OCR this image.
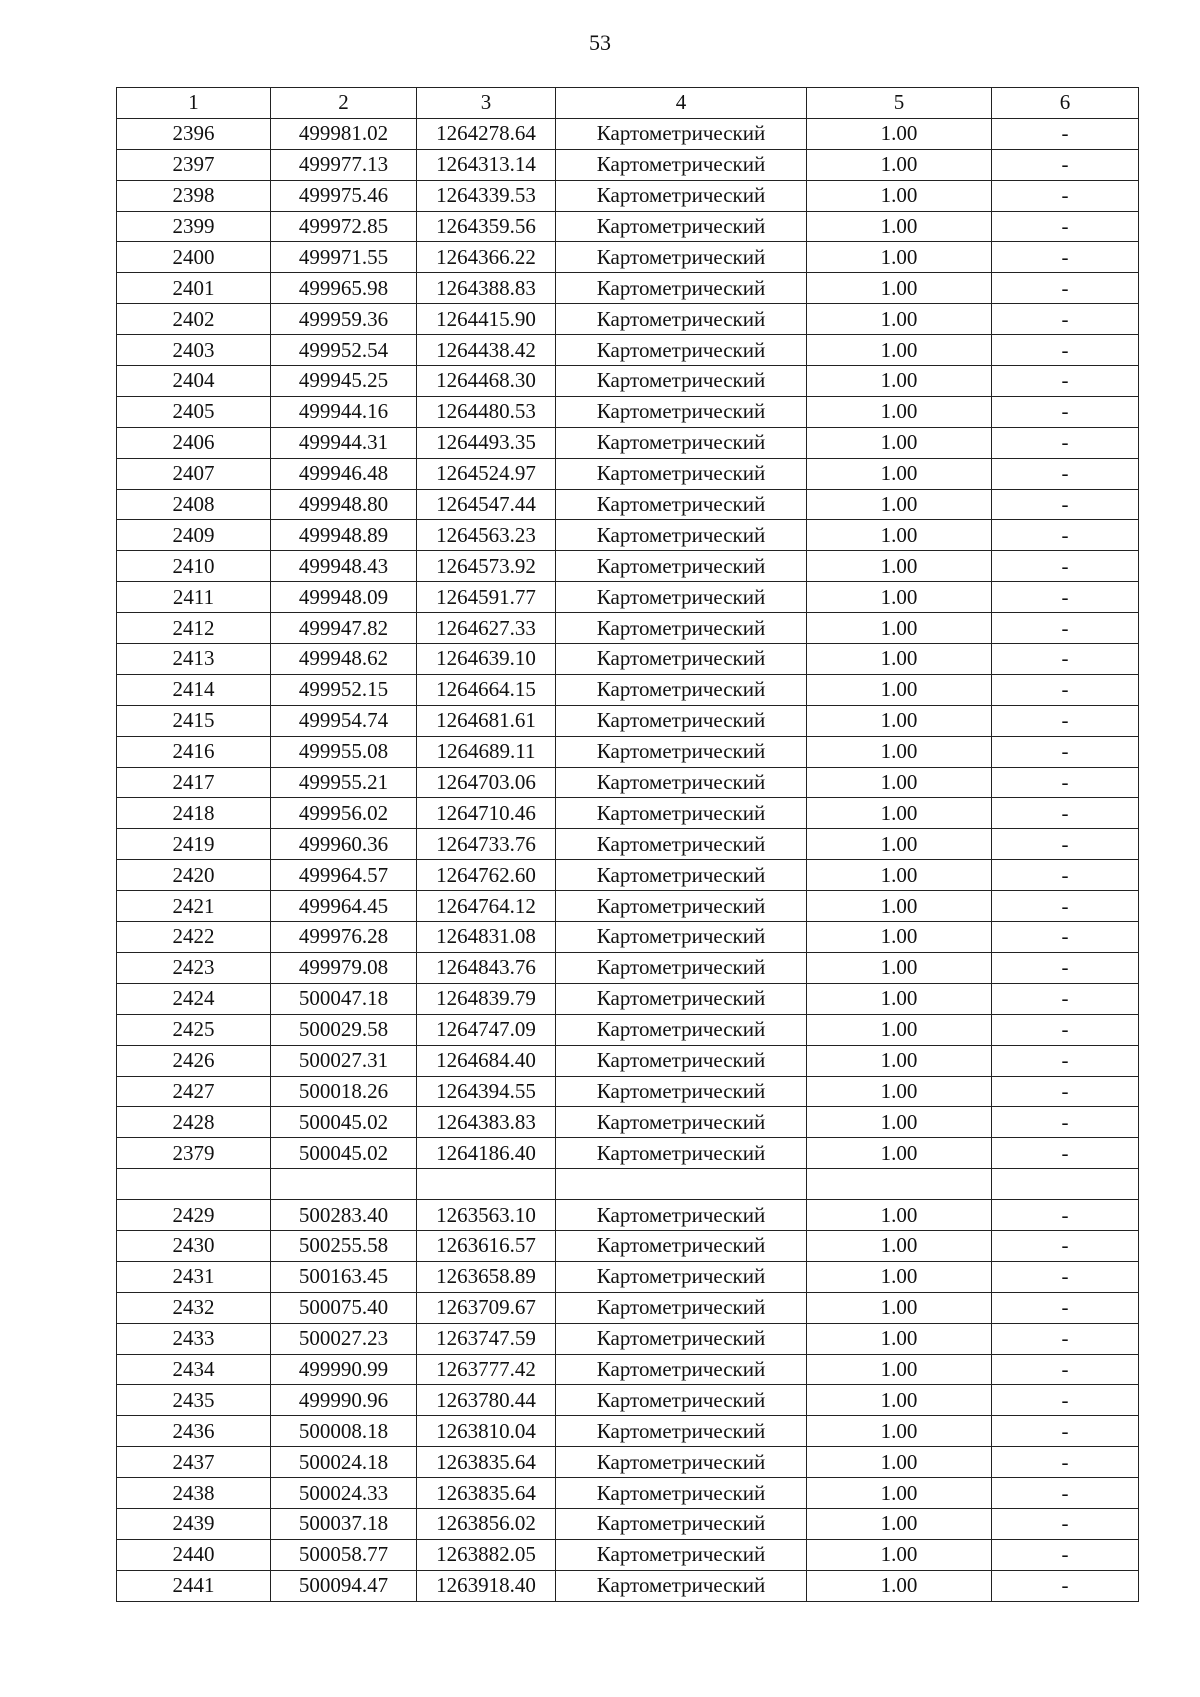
53
1	2	3	4	5	6
2396	499981.02	1264278.64	Картометрический	1.00	-
2397	499977.13	1264313.14	Картометрический	1.00	-
2398	499975.46	1264339.53	Картометрический	1.00	-
2399	499972.85	1264359.56	Картометрический	1.00	-
2400	499971.55	1264366.22	Картометрический	1.00	-
2401	499965.98	1264388.83	Картометрический	1.00	-
2402	499959.36	1264415.90	Картометрический	1.00	-
2403	499952.54	1264438.42	Картометрический	1.00	-
2404	499945.25	1264468.30	Картометрический	1.00	-
2405	499944.16	1264480.53	Картометрический	1.00	-
2406	499944.31	1264493.35	Картометрический	1.00	-
2407	499946.48	1264524.97	Картометрический	1.00	-
2408	499948.80	1264547.44	Картометрический	1.00	-
2409	499948.89	1264563.23	Картометрический	1.00	-
2410	499948.43	1264573.92	Картометрический	1.00	-
2411	499948.09	1264591.77	Картометрический	1.00	-
2412	499947.82	1264627.33	Картометрический	1.00	-
2413	499948.62	1264639.10	Картометрический	1.00	-
2414	499952.15	1264664.15	Картометрический	1.00	-
2415	499954.74	1264681.61	Картометрический	1.00	-
2416	499955.08	1264689.11	Картометрический	1.00	-
2417	499955.21	1264703.06	Картометрический	1.00	-
2418	499956.02	1264710.46	Картометрический	1.00	-
2419	499960.36	1264733.76	Картометрический	1.00	-
2420	499964.57	1264762.60	Картометрический	1.00	-
2421	499964.45	1264764.12	Картометрический	1.00	-
2422	499976.28	1264831.08	Картометрический	1.00	-
2423	499979.08	1264843.76	Картометрический	1.00	-
2424	500047.18	1264839.79	Картометрический	1.00	-
2425	500029.58	1264747.09	Картометрический	1.00	-
2426	500027.31	1264684.40	Картометрический	1.00	-
2427	500018.26	1264394.55	Картометрический	1.00	-
2428	500045.02	1264383.83	Картометрический	1.00	-
2379	500045.02	1264186.40	Картометрический	1.00	-

2429	500283.40	1263563.10	Картометрический	1.00	-
2430	500255.58	1263616.57	Картометрический	1.00	-
2431	500163.45	1263658.89	Картометрический	1.00	-
2432	500075.40	1263709.67	Картометрический	1.00	-
2433	500027.23	1263747.59	Картометрический	1.00	-
2434	499990.99	1263777.42	Картометрический	1.00	-
2435	499990.96	1263780.44	Картометрический	1.00	-
2436	500008.18	1263810.04	Картометрический	1.00	-
2437	500024.18	1263835.64	Картометрический	1.00	-
2438	500024.33	1263835.64	Картометрический	1.00	-
2439	500037.18	1263856.02	Картометрический	1.00	-
2440	500058.77	1263882.05	Картометрический	1.00	-
2441	500094.47	1263918.40	Картометрический	1.00	-
